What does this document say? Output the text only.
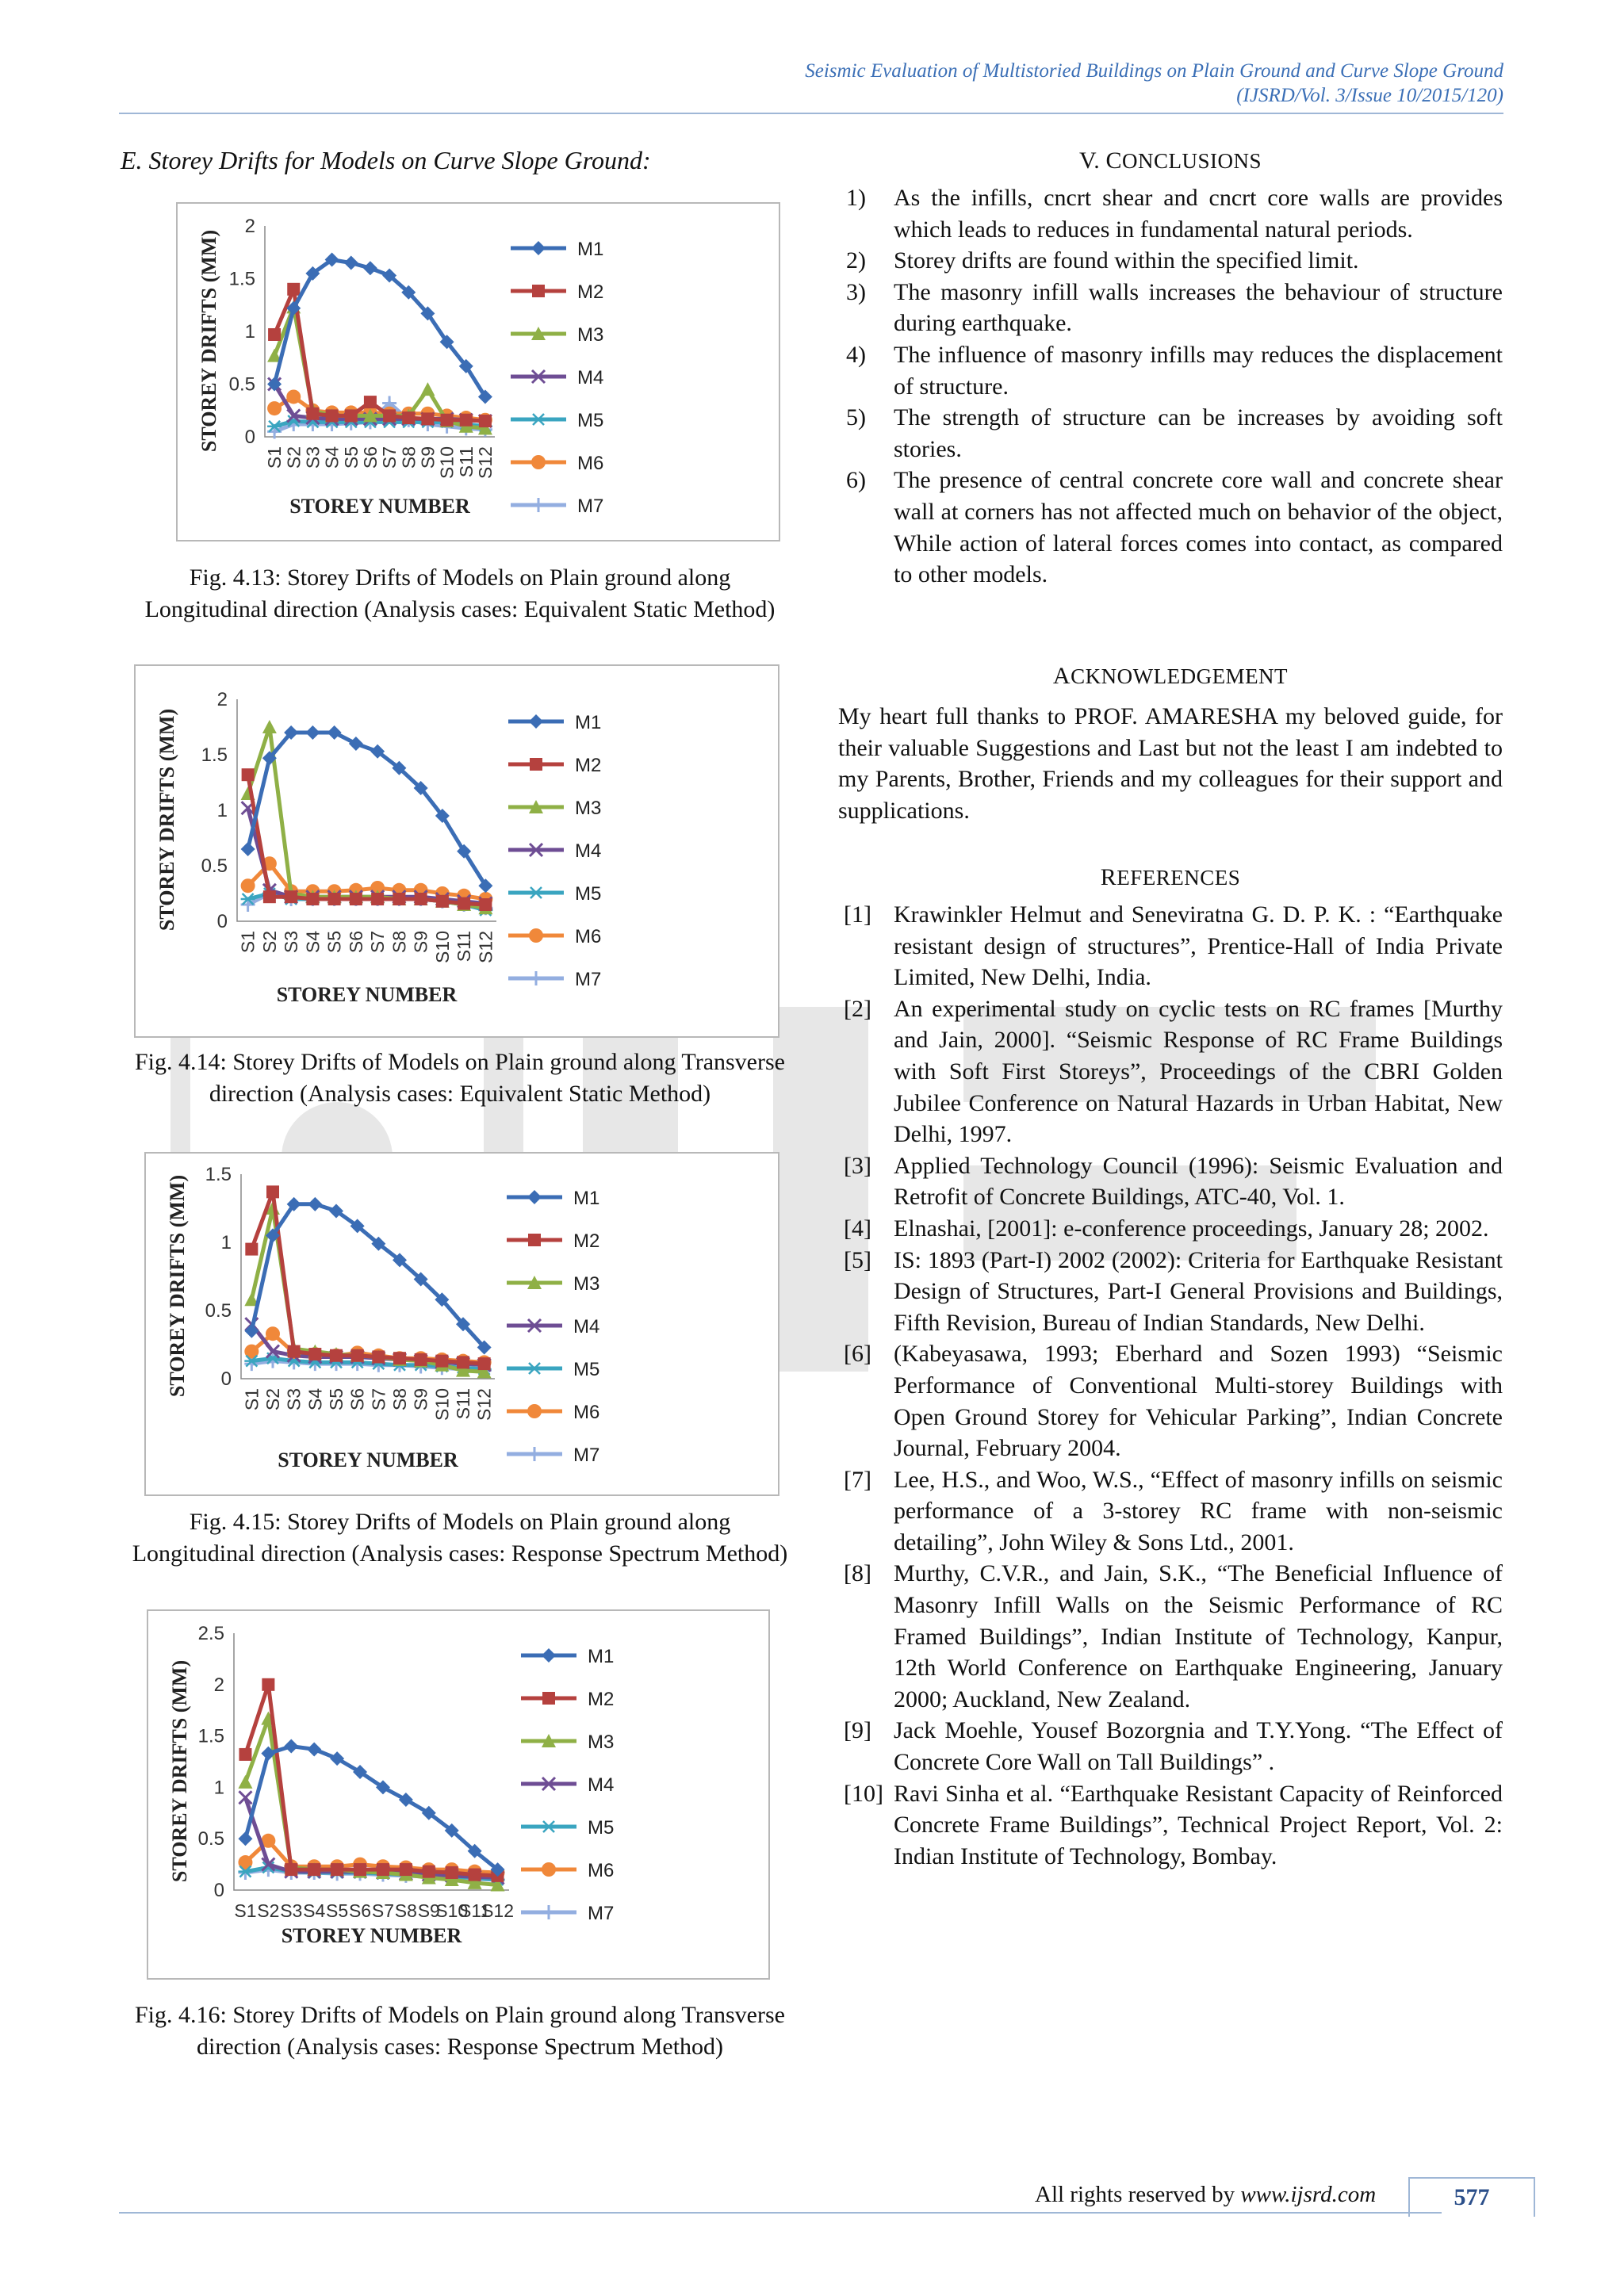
Seismic Evaluation of Multistoried Buildings on Plain Ground and Curve Slope Ground
(IJSRD/Vol. 3/Issue 10/2015/120)
E. Storey Drifts for Models on Curve Slope Ground:
0
0.5
1
1.5
2
S1
S2
S3
S4
S5
S6
S7
S8
S9
S10
S11
S12
STOREY NUMBER
STOREY DRIFTS (MM)	M1
M2
M3
M4
M5
M6
M7
Fig. 4.13: Storey Drifts of Models on Plain ground along Longitudinal direction (Analysis cases: Equivalent Static Method)
0
0.5
1
1.5
2
S1 S2 S3 S4 S5 S6 S7 S8 S9 S10 S11 S12
STOREY NUMBER
STOREY DRIFTS (MM)	M1
M2
M3
M4
M5
M6
M7
Fig. 4.14: Storey Drifts of Models on Plain ground along Transverse direction (Analysis cases: Equivalent Static Method)
0
0.5
1
1.5
S1 S2 S3 S4 S5 S6 S7 S8 S9 S10 S11 S12
STOREY NUMBER
STOREY DRIFTS (MM)	M1
M2
M3
M4
M5
M6
M7
Fig. 4.15: Storey Drifts of Models on Plain ground along Longitudinal direction (Analysis cases: Response Spectrum Method)
0
0.5
1
1.5
2
2.5
S1 S2 S3 S4 S5 S6 S7 S8 S9
S10
S11
S12
STOREY NUMBER
STOREY DRIFTS (MM)
M1
M2
M3
M4
M5
M6
M7
Fig. 4.16: Storey Drifts of Models on Plain ground along Transverse direction (Analysis cases: Response Spectrum Method)
V. CONCLUSIONS
1)	As the infills, cncrt shear and cncrt core walls are provides which leads to reduces in fundamental natural periods.
2)	Storey drifts are found within the specified limit.
3)	The masonry infill walls increases the behaviour of structure during earthquake.
4)	The influence of masonry infills may reduces the displacement of structure.
5)	The strength of structure can be increases by avoiding soft stories.
6)	The presence of central concrete core wall and concrete shear wall at corners has not affected much on behavior of the object, While action of lateral forces comes into contact, as compared to other models.
ACKNOWLEDGEMENT
My heart full thanks to PROF. AMARESHA my beloved guide, for their valuable Suggestions and Last but not the least I am indebted to my Parents, Brother, Friends and my colleagues for their support and supplications.
REFERENCES
[1] Krawinkler Helmut and Seneviratna G. D. P. K. : “Earthquake resistant design of structures”, Prentice-Hall of India Private Limited, New Delhi, India.
[2] An experimental study on cyclic tests on RC frames [Murthy and Jain, 2000]. “Seismic Response of RC Frame Buildings with Soft First Storeys”, Proceedings of the CBRI Golden Jubilee Conference on Natural Hazards in Urban Habitat, New Delhi, 1997.
[3] Applied Technology Council (1996): Seismic Evaluation and Retrofit of Concrete Buildings, ATC-40, Vol. 1.
[4] Elnashai, [2001]: e-conference proceedings, January 28; 2002.
[5] IS: 1893 (Part-I) 2002 (2002): Criteria for Earthquake Resistant Design of Structures, Part-I General Provisions and Buildings, Fifth Revision, Bureau of Indian Standards, New Delhi.
[6] (Kabeyasawa, 1993; Eberhard and Sozen 1993) “Seismic Performance of Conventional Multi-storey Buildings with Open Ground Storey for Vehicular Parking”, Indian Concrete Journal, February 2004.
[7] Lee, H.S., and Woo, W.S., “Effect of masonry infills on seismic performance of a 3-storey RC frame with non-seismic detailing”, John Wiley & Sons Ltd., 2001.
[8] Murthy, C.V.R., and Jain, S.K., “The Beneficial Influence of Masonry Infill Walls on the Seismic Performance of RC Framed Buildings”, Indian Institute of Technology, Kanpur, 12th World Conference on Earthquake Engineering, January 2000; Auckland, New Zealand.
[9] Jack Moehle, Yousef Bozorgnia and T.Y.Yong. “The Effect of Concrete Core Wall on Tall Buildings” .
[10] Ravi Sinha et al. “Earthquake Resistant Capacity of Reinforced Concrete Frame Buildings”, Technical Project Report, Vol. 2: Indian Institute of Technology, Bombay.
All rights reserved by www.ijsrd.com	577
